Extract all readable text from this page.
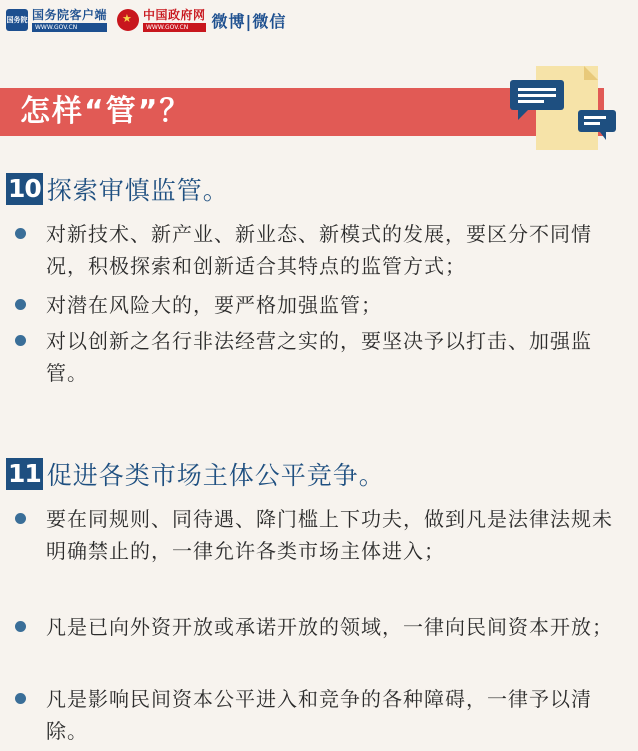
国务院 国务院客户端
WWW.GOV.CN
★
中国政府网
WWW.GOV.CN	微博|微信
怎样“管”？
10 探索审慎监管。
对新技术、新产业、新业态、新模式的发展，要区分不同情况，积极探索和创新适合其特点的监管方式；
对潜在风险大的，要严格加强监管；
对以创新之名行非法经营之实的，要坚决予以打击、加强监管。
11 促进各类市场主体公平竞争。
要在同规则、同待遇、降门槛上下功夫，做到凡是法律法规未明确禁止的，一律允许各类市场主体进入；
凡是已向外资开放或承诺开放的领域，一律向民间资本开放；
凡是影响民间资本公平进入和竞争的各种障碍，一律予以清除。
